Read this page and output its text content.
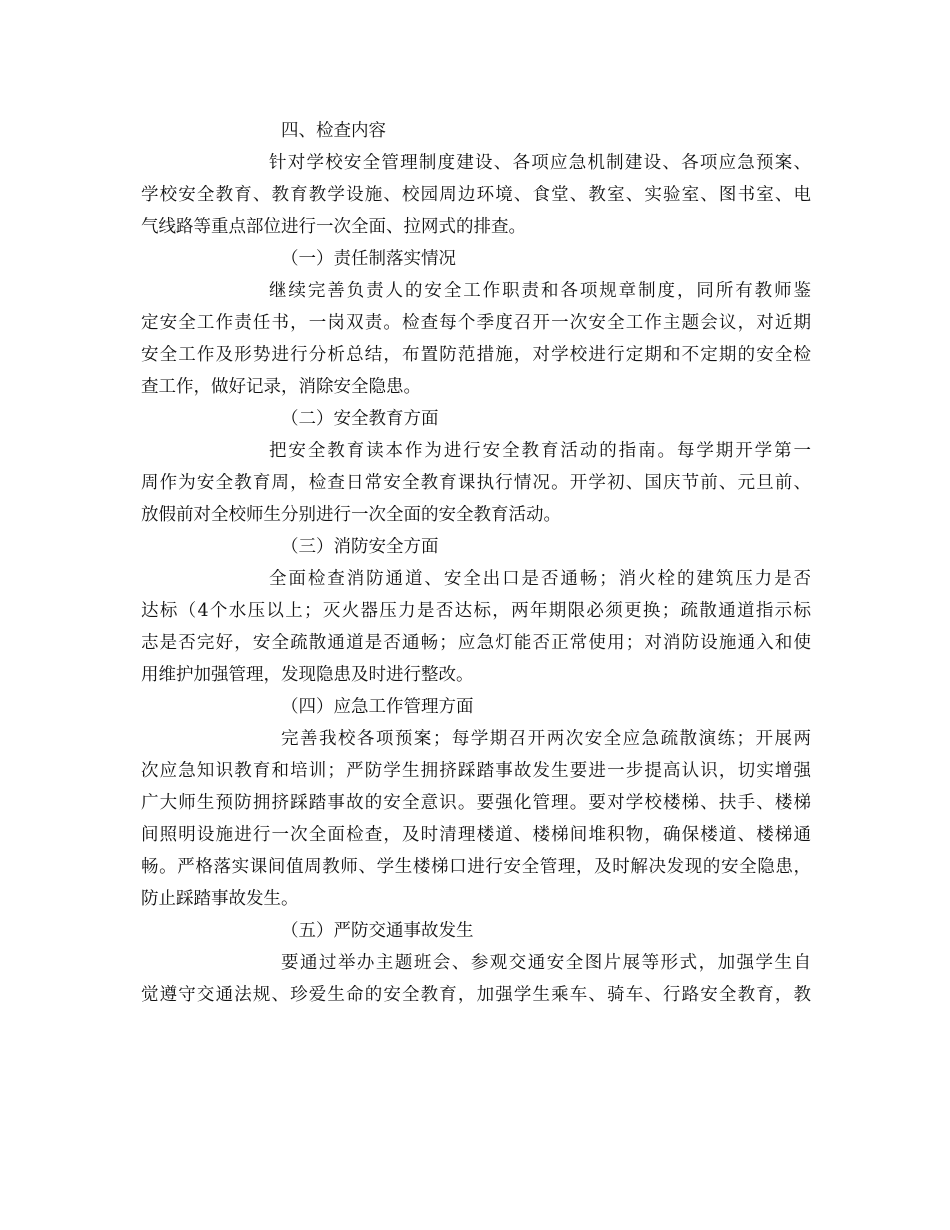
四、检查内容
针对学校安全管理制度建设、各项应急机制建设、各项应急预案、
学校安全教育、教育教学设施、校园周边环境、食堂、教室、实验室、图书室、电
气线路等重点部位进行一次全面、拉网式的排查。
（一）责任制落实情况
继续完善负责人的安全工作职责和各项规章制度，同所有教师鉴
定安全工作责任书，一岗双责。检查每个季度召开一次安全工作主题会议，对近期
安全工作及形势进行分析总结，布置防范措施，对学校进行定期和不定期的安全检
查工作，做好记录，消除安全隐患。
（二）安全教育方面
把安全教育读本作为进行安全教育活动的指南。每学期开学第一
周作为安全教育周，检查日常安全教育课执行情况。开学初、国庆节前、元旦前、
放假前对全校师生分别进行一次全面的安全教育活动。
（三）消防安全方面
全面检查消防通道、安全出口是否通畅；消火栓的建筑压力是否
达标（4个水压以上；灭火器压力是否达标，两年期限必须更换；疏散通道指示标
志是否完好，安全疏散通道是否通畅；应急灯能否正常使用；对消防设施通入和使
用维护加强管理，发现隐患及时进行整改。
（四）应急工作管理方面
完善我校各项预案；每学期召开两次安全应急疏散演练；开展两
次应急知识教育和培训；严防学生拥挤踩踏事故发生要进一步提高认识，切实增强
广大师生预防拥挤踩踏事故的安全意识。要强化管理。要对学校楼梯、扶手、楼梯
间照明设施进行一次全面检查，及时清理楼道、楼梯间堆积物，确保楼道、楼梯通
畅。严格落实课间值周教师、学生楼梯口进行安全管理，及时解决发现的安全隐患，
防止踩踏事故发生。
（五）严防交通事故发生
要通过举办主题班会、参观交通安全图片展等形式，加强学生自
觉遵守交通法规、珍爱生命的安全教育，加强学生乘车、骑车、行路安全教育，教
